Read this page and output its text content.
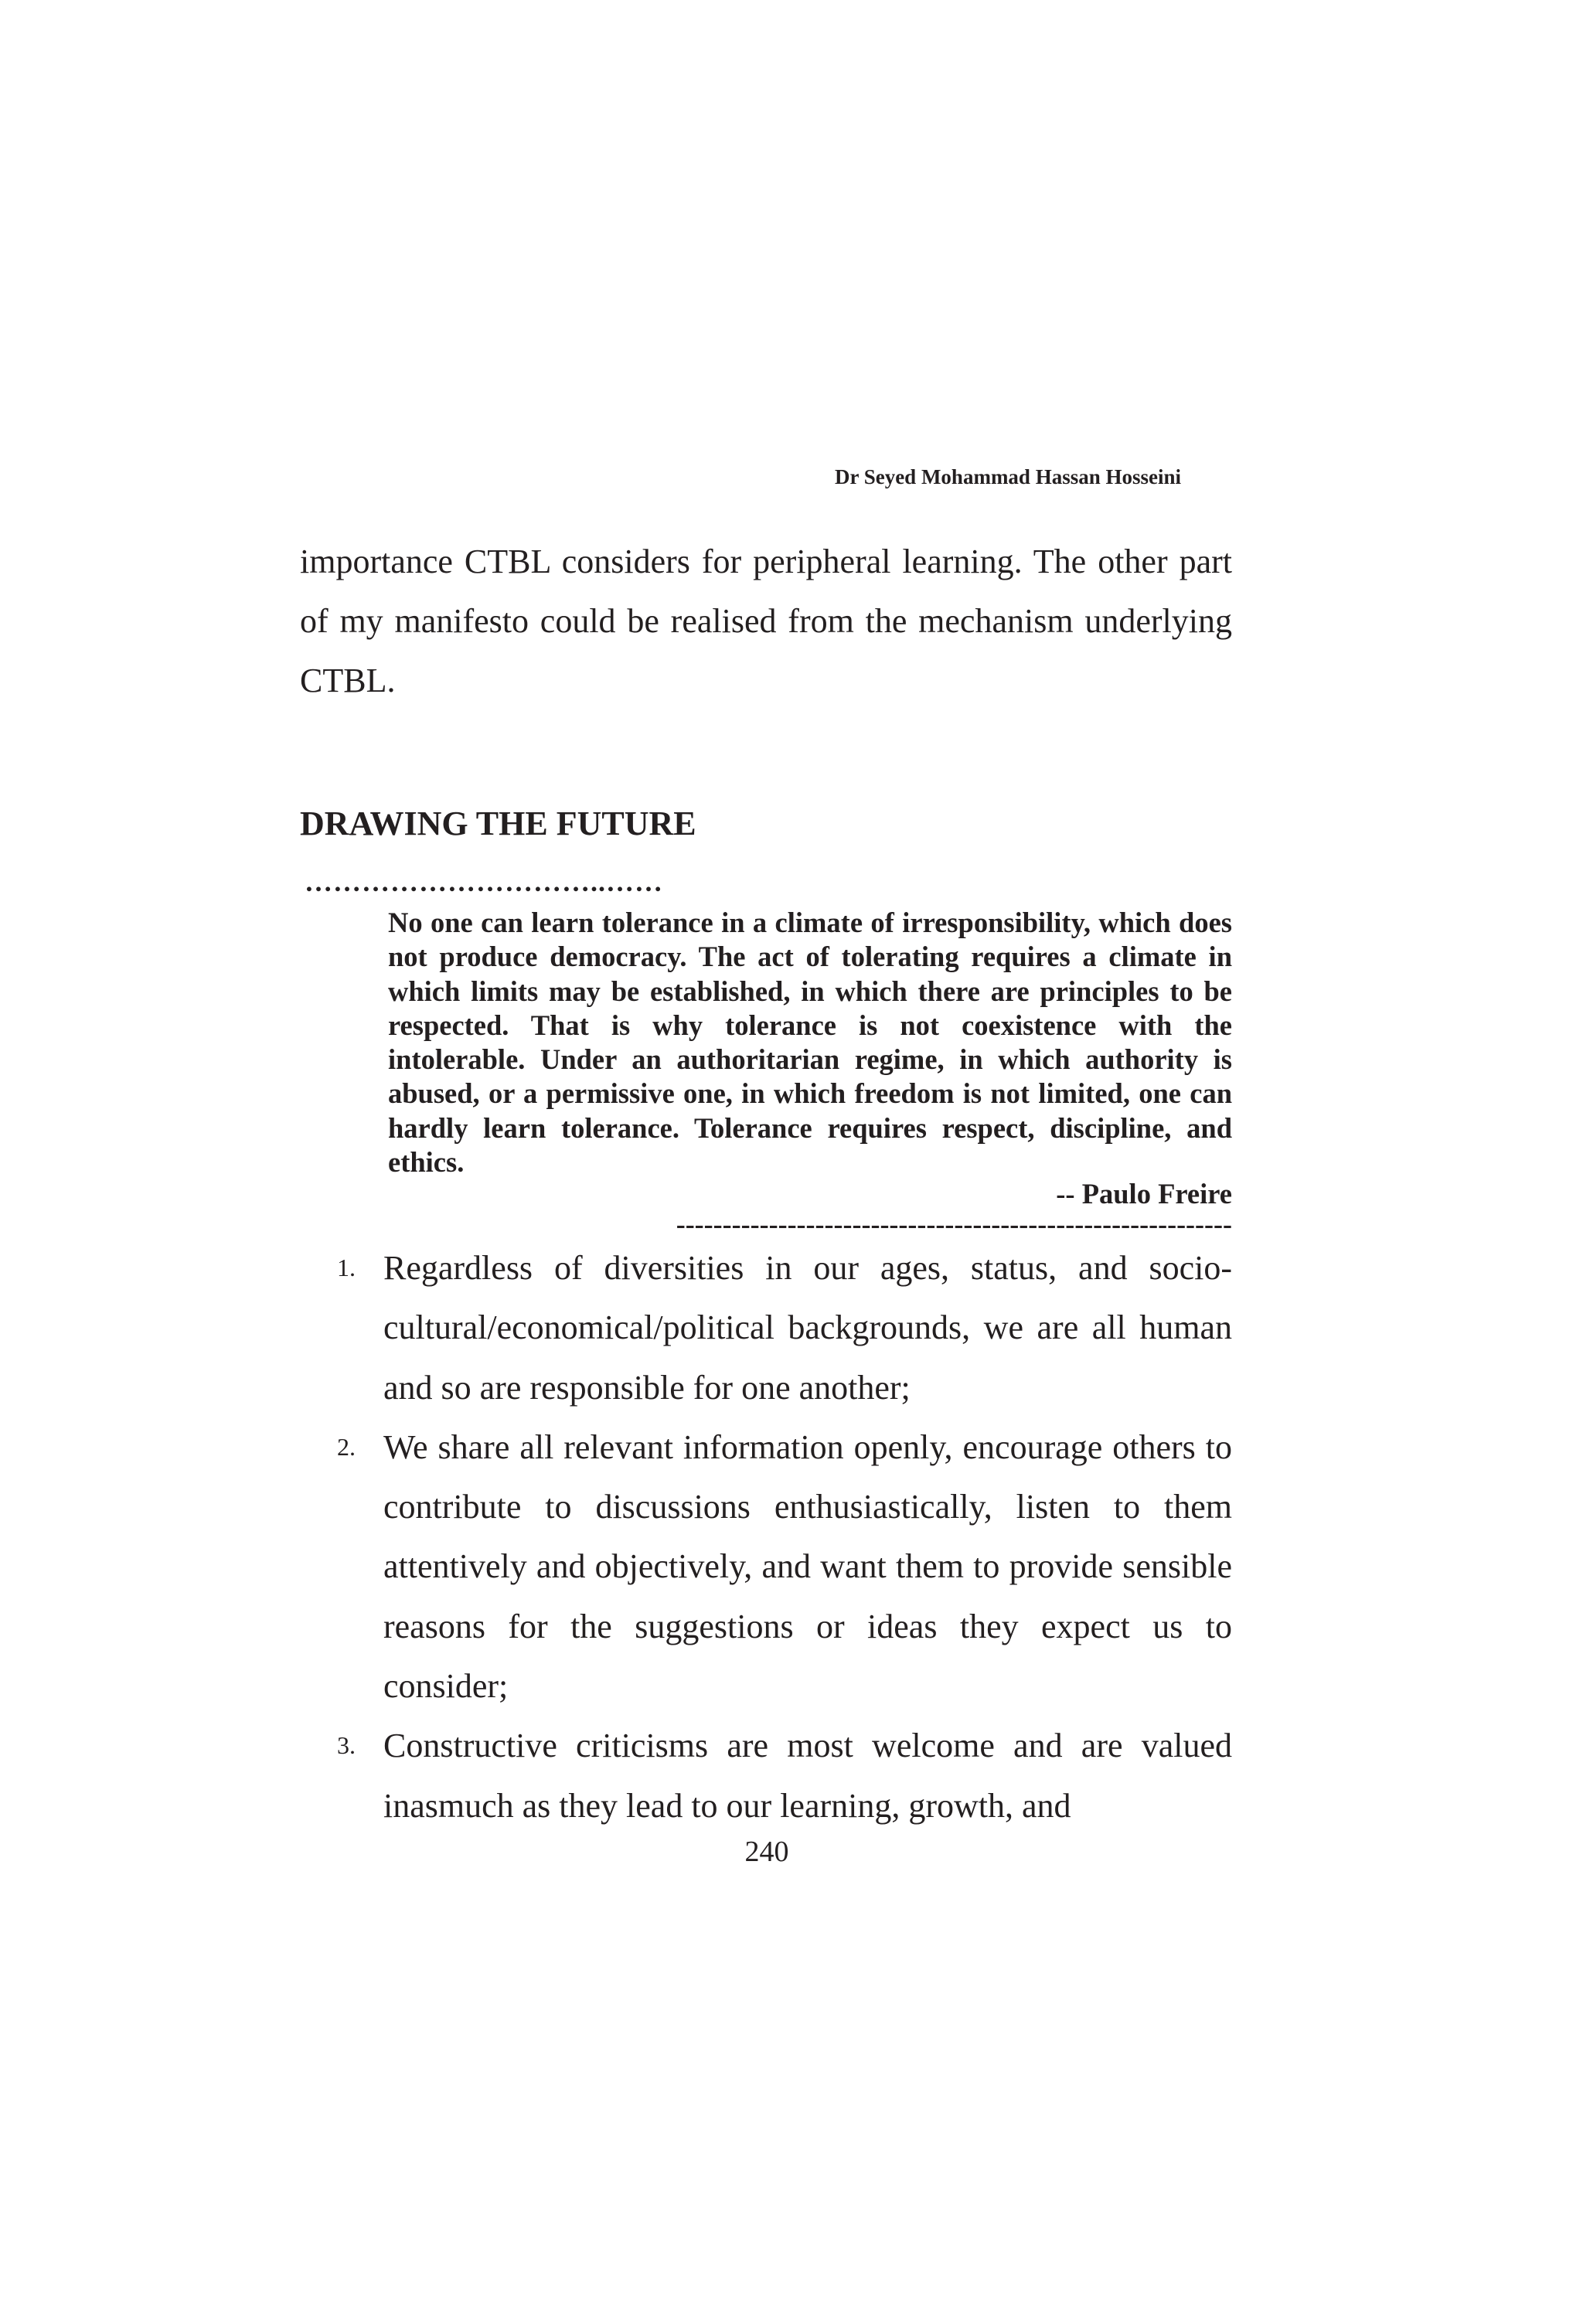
Dr Seyed Mohammad Hassan Hosseini

importance CTBL considers for peripheral learning. The other part of my manifesto could be realised from the mechanism underlying CTBL.

DRAWING THE FUTURE
…………………………..……

No one can learn tolerance in a climate of irresponsibility, which does not produce democracy. The act of tolerating requires a climate in which limits may be established, in which there are principles to be respected. That is why tolerance is not coexistence with the intolerable. Under an authoritarian regime, in which authority is abused, or a permissive one, in which freedom is not limited, one can hardly learn tolerance. Tolerance requires respect, discipline, and ethics.

-- Paulo Freire
------------------------------------------------------------
1. Regardless of diversities in our ages, status, and socio-cultural/economical/political backgrounds, we are all human and so are responsible for one another;
2. We share all relevant information openly, encourage others to contribute to discussions enthusiastically, listen to them attentively and objectively, and want them to provide sensible reasons for the suggestions or ideas they expect us to consider;
3. Constructive criticisms are most welcome and are valued inasmuch as they lead to our learning, growth, and
240
